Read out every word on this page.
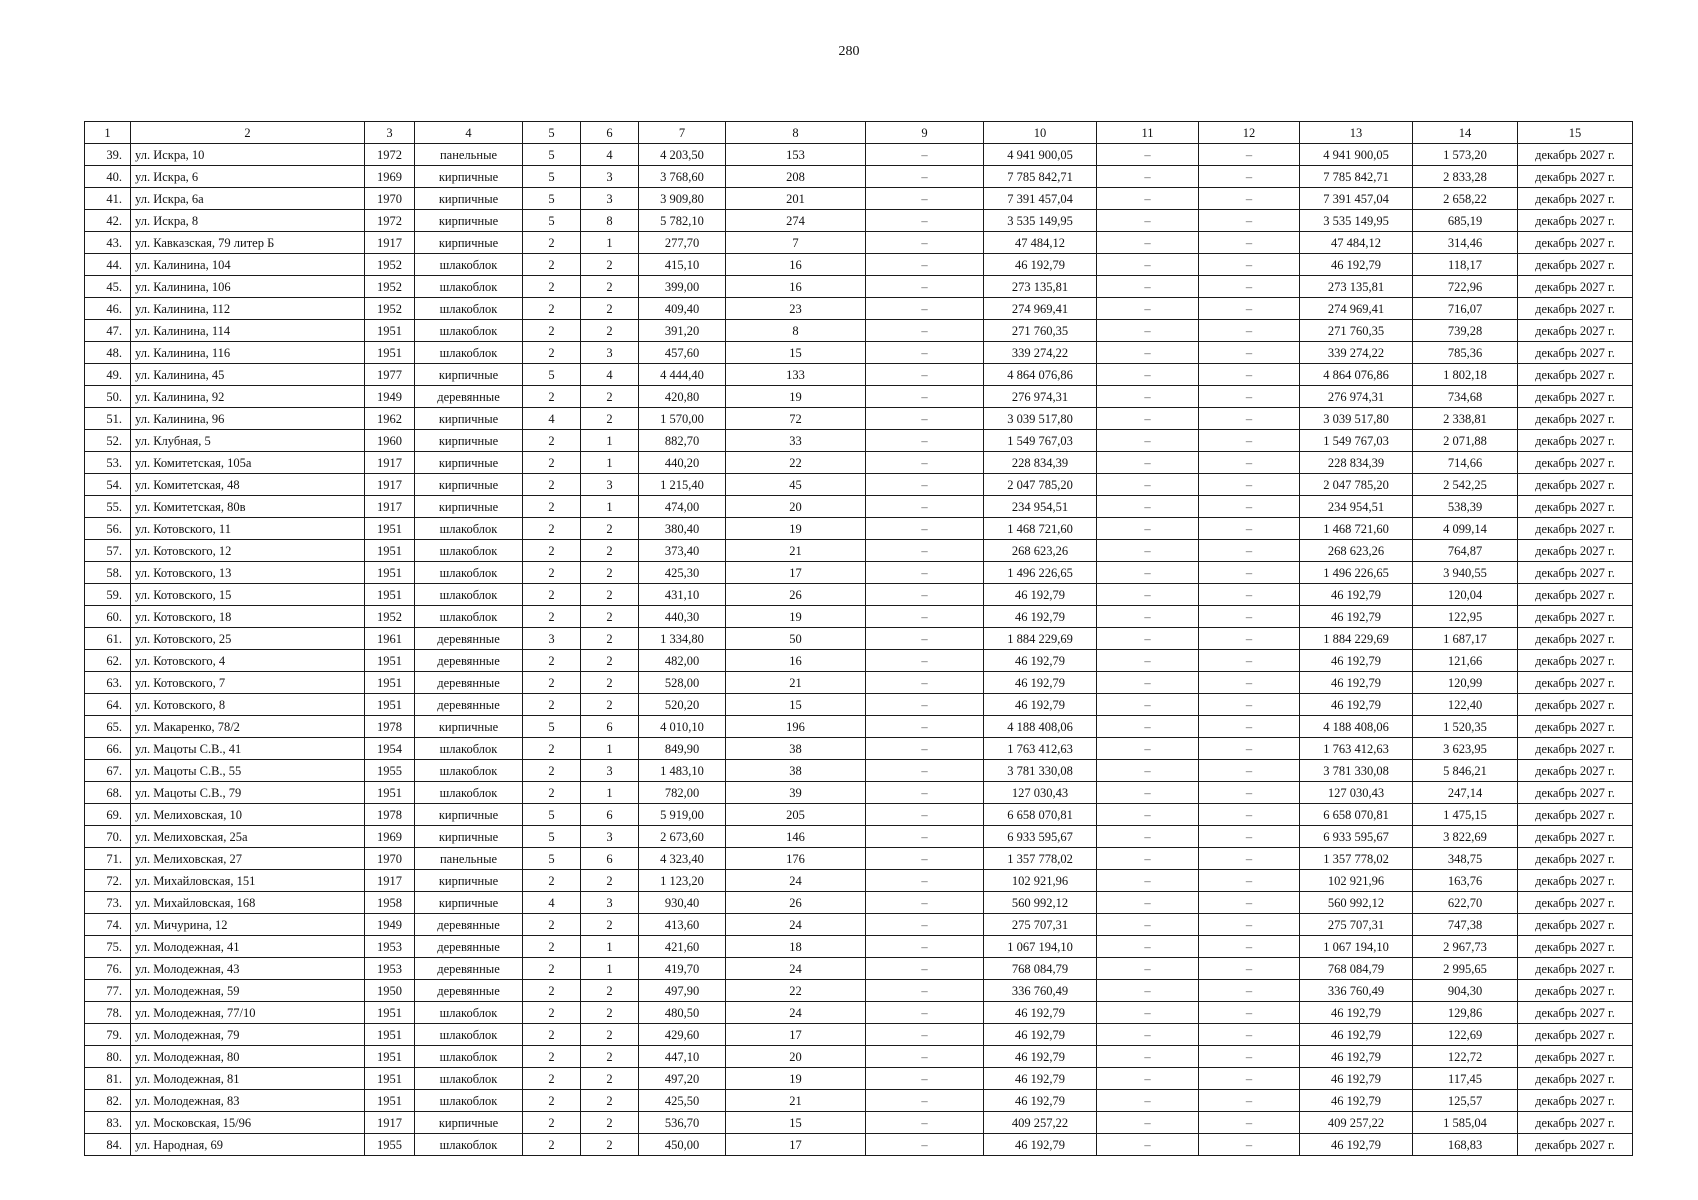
280
1	2	3	4	5	6	7	8	9	10	11	12	13	14	15
39.	ул. Искра, 10	1972	панельные	5	4	4 203,50	153	–	4 941 900,05	–	–	4 941 900,05	1 573,20	декабрь 2027 г.
40.	ул. Искра, 6	1969	кирпичные	5	3	3 768,60	208	–	7 785 842,71	–	–	7 785 842,71	2 833,28	декабрь 2027 г.
41.	ул. Искра, 6а	1970	кирпичные	5	3	3 909,80	201	–	7 391 457,04	–	–	7 391 457,04	2 658,22	декабрь 2027 г.
42.	ул. Искра, 8	1972	кирпичные	5	8	5 782,10	274	–	3 535 149,95	–	–	3 535 149,95	685,19	декабрь 2027 г.
43.	ул. Кавказская, 79 литер Б	1917	кирпичные	2	1	277,70	7	–	47 484,12	–	–	47 484,12	314,46	декабрь 2027 г.
44.	ул. Калинина, 104	1952	шлакоблок	2	2	415,10	16	–	46 192,79	–	–	46 192,79	118,17	декабрь 2027 г.
45.	ул. Калинина, 106	1952	шлакоблок	2	2	399,00	16	–	273 135,81	–	–	273 135,81	722,96	декабрь 2027 г.
46.	ул. Калинина, 112	1952	шлакоблок	2	2	409,40	23	–	274 969,41	–	–	274 969,41	716,07	декабрь 2027 г.
47.	ул. Калинина, 114	1951	шлакоблок	2	2	391,20	8	–	271 760,35	–	–	271 760,35	739,28	декабрь 2027 г.
48.	ул. Калинина, 116	1951	шлакоблок	2	3	457,60	15	–	339 274,22	–	–	339 274,22	785,36	декабрь 2027 г.
49.	ул. Калинина, 45	1977	кирпичные	5	4	4 444,40	133	–	4 864 076,86	–	–	4 864 076,86	1 802,18	декабрь 2027 г.
50.	ул. Калинина, 92	1949	деревянные	2	2	420,80	19	–	276 974,31	–	–	276 974,31	734,68	декабрь 2027 г.
51.	ул. Калинина, 96	1962	кирпичные	4	2	1 570,00	72	–	3 039 517,80	–	–	3 039 517,80	2 338,81	декабрь 2027 г.
52.	ул. Клубная, 5	1960	кирпичные	2	1	882,70	33	–	1 549 767,03	–	–	1 549 767,03	2 071,88	декабрь 2027 г.
53.	ул. Комитетская, 105а	1917	кирпичные	2	1	440,20	22	–	228 834,39	–	–	228 834,39	714,66	декабрь 2027 г.
54.	ул. Комитетская, 48	1917	кирпичные	2	3	1 215,40	45	–	2 047 785,20	–	–	2 047 785,20	2 542,25	декабрь 2027 г.
55.	ул. Комитетская, 80в	1917	кирпичные	2	1	474,00	20	–	234 954,51	–	–	234 954,51	538,39	декабрь 2027 г.
56.	ул. Котовского, 11	1951	шлакоблок	2	2	380,40	19	–	1 468 721,60	–	–	1 468 721,60	4 099,14	декабрь 2027 г.
57.	ул. Котовского, 12	1951	шлакоблок	2	2	373,40	21	–	268 623,26	–	–	268 623,26	764,87	декабрь 2027 г.
58.	ул. Котовского, 13	1951	шлакоблок	2	2	425,30	17	–	1 496 226,65	–	–	1 496 226,65	3 940,55	декабрь 2027 г.
59.	ул. Котовского, 15	1951	шлакоблок	2	2	431,10	26	–	46 192,79	–	–	46 192,79	120,04	декабрь 2027 г.
60.	ул. Котовского, 18	1952	шлакоблок	2	2	440,30	19	–	46 192,79	–	–	46 192,79	122,95	декабрь 2027 г.
61.	ул. Котовского, 25	1961	деревянные	3	2	1 334,80	50	–	1 884 229,69	–	–	1 884 229,69	1 687,17	декабрь 2027 г.
62.	ул. Котовского, 4	1951	деревянные	2	2	482,00	16	–	46 192,79	–	–	46 192,79	121,66	декабрь 2027 г.
63.	ул. Котовского, 7	1951	деревянные	2	2	528,00	21	–	46 192,79	–	–	46 192,79	120,99	декабрь 2027 г.
64.	ул. Котовского, 8	1951	деревянные	2	2	520,20	15	–	46 192,79	–	–	46 192,79	122,40	декабрь 2027 г.
65.	ул. Макаренко, 78/2	1978	кирпичные	5	6	4 010,10	196	–	4 188 408,06	–	–	4 188 408,06	1 520,35	декабрь 2027 г.
66.	ул. Мацоты С.В., 41	1954	шлакоблок	2	1	849,90	38	–	1 763 412,63	–	–	1 763 412,63	3 623,95	декабрь 2027 г.
67.	ул. Мацоты С.В., 55	1955	шлакоблок	2	3	1 483,10	38	–	3 781 330,08	–	–	3 781 330,08	5 846,21	декабрь 2027 г.
68.	ул. Мацоты С.В., 79	1951	шлакоблок	2	1	782,00	39	–	127 030,43	–	–	127 030,43	247,14	декабрь 2027 г.
69.	ул. Мелиховская, 10	1978	кирпичные	5	6	5 919,00	205	–	6 658 070,81	–	–	6 658 070,81	1 475,15	декабрь 2027 г.
70.	ул. Мелиховская, 25а	1969	кирпичные	5	3	2 673,60	146	–	6 933 595,67	–	–	6 933 595,67	3 822,69	декабрь 2027 г.
71.	ул. Мелиховская, 27	1970	панельные	5	6	4 323,40	176	–	1 357 778,02	–	–	1 357 778,02	348,75	декабрь 2027 г.
72.	ул. Михайловская, 151	1917	кирпичные	2	2	1 123,20	24	–	102 921,96	–	–	102 921,96	163,76	декабрь 2027 г.
73.	ул. Михайловская, 168	1958	кирпичные	4	3	930,40	26	–	560 992,12	–	–	560 992,12	622,70	декабрь 2027 г.
74.	ул. Мичурина, 12	1949	деревянные	2	2	413,60	24	–	275 707,31	–	–	275 707,31	747,38	декабрь 2027 г.
75.	ул. Молодежная, 41	1953	деревянные	2	1	421,60	18	–	1 067 194,10	–	–	1 067 194,10	2 967,73	декабрь 2027 г.
76.	ул. Молодежная, 43	1953	деревянные	2	1	419,70	24	–	768 084,79	–	–	768 084,79	2 995,65	декабрь 2027 г.
77.	ул. Молодежная, 59	1950	деревянные	2	2	497,90	22	–	336 760,49	–	–	336 760,49	904,30	декабрь 2027 г.
78.	ул. Молодежная, 77/10	1951	шлакоблок	2	2	480,50	24	–	46 192,79	–	–	46 192,79	129,86	декабрь 2027 г.
79.	ул. Молодежная, 79	1951	шлакоблок	2	2	429,60	17	–	46 192,79	–	–	46 192,79	122,69	декабрь 2027 г.
80.	ул. Молодежная, 80	1951	шлакоблок	2	2	447,10	20	–	46 192,79	–	–	46 192,79	122,72	декабрь 2027 г.
81.	ул. Молодежная, 81	1951	шлакоблок	2	2	497,20	19	–	46 192,79	–	–	46 192,79	117,45	декабрь 2027 г.
82.	ул. Молодежная, 83	1951	шлакоблок	2	2	425,50	21	–	46 192,79	–	–	46 192,79	125,57	декабрь 2027 г.
83.	ул. Московская, 15/96	1917	кирпичные	2	2	536,70	15	–	409 257,22	–	–	409 257,22	1 585,04	декабрь 2027 г.
84.	ул. Народная, 69	1955	шлакоблок	2	2	450,00	17	–	46 192,79	–	–	46 192,79	168,83	декабрь 2027 г.
